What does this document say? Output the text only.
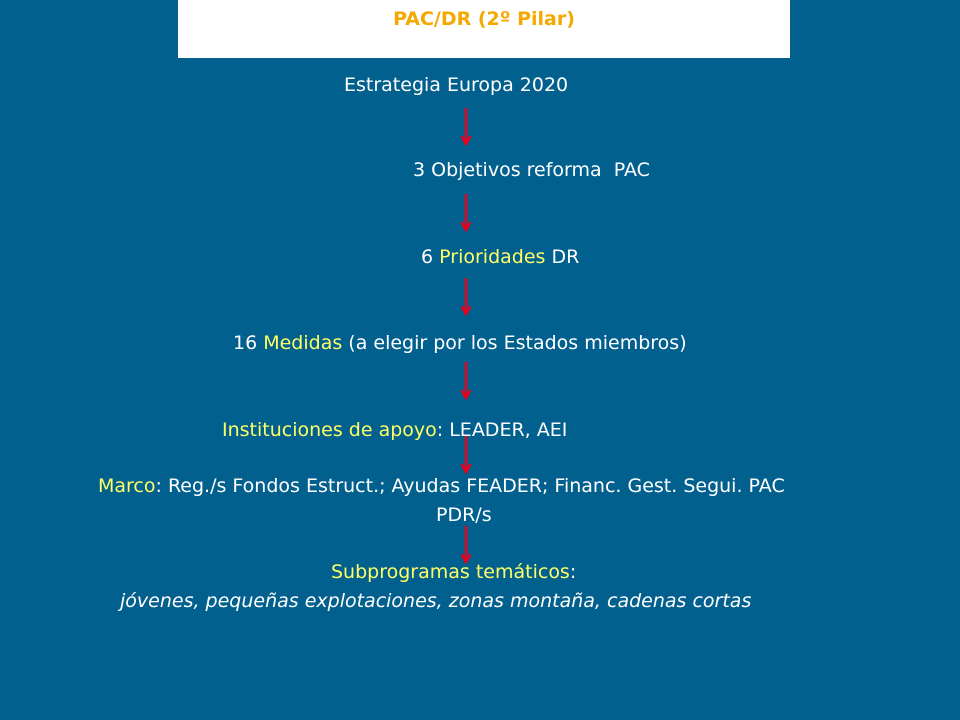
PAC/DR (2º Pilar)
Estrategia Europa 2020
3 Objetivos reforma  PAC
6 Prioridades DR
16 Medidas (a elegir por los Estados miembros)
Instituciones de apoyo: LEADER, AEI
Marco: Reg./s Fondos Estruct.; Ayudas FEADER; Financ. Gest. Segui. PAC
PDR/s
Subprogramas temáticos:
jóvenes, pequeñas explotaciones, zonas montaña, cadenas cortas
